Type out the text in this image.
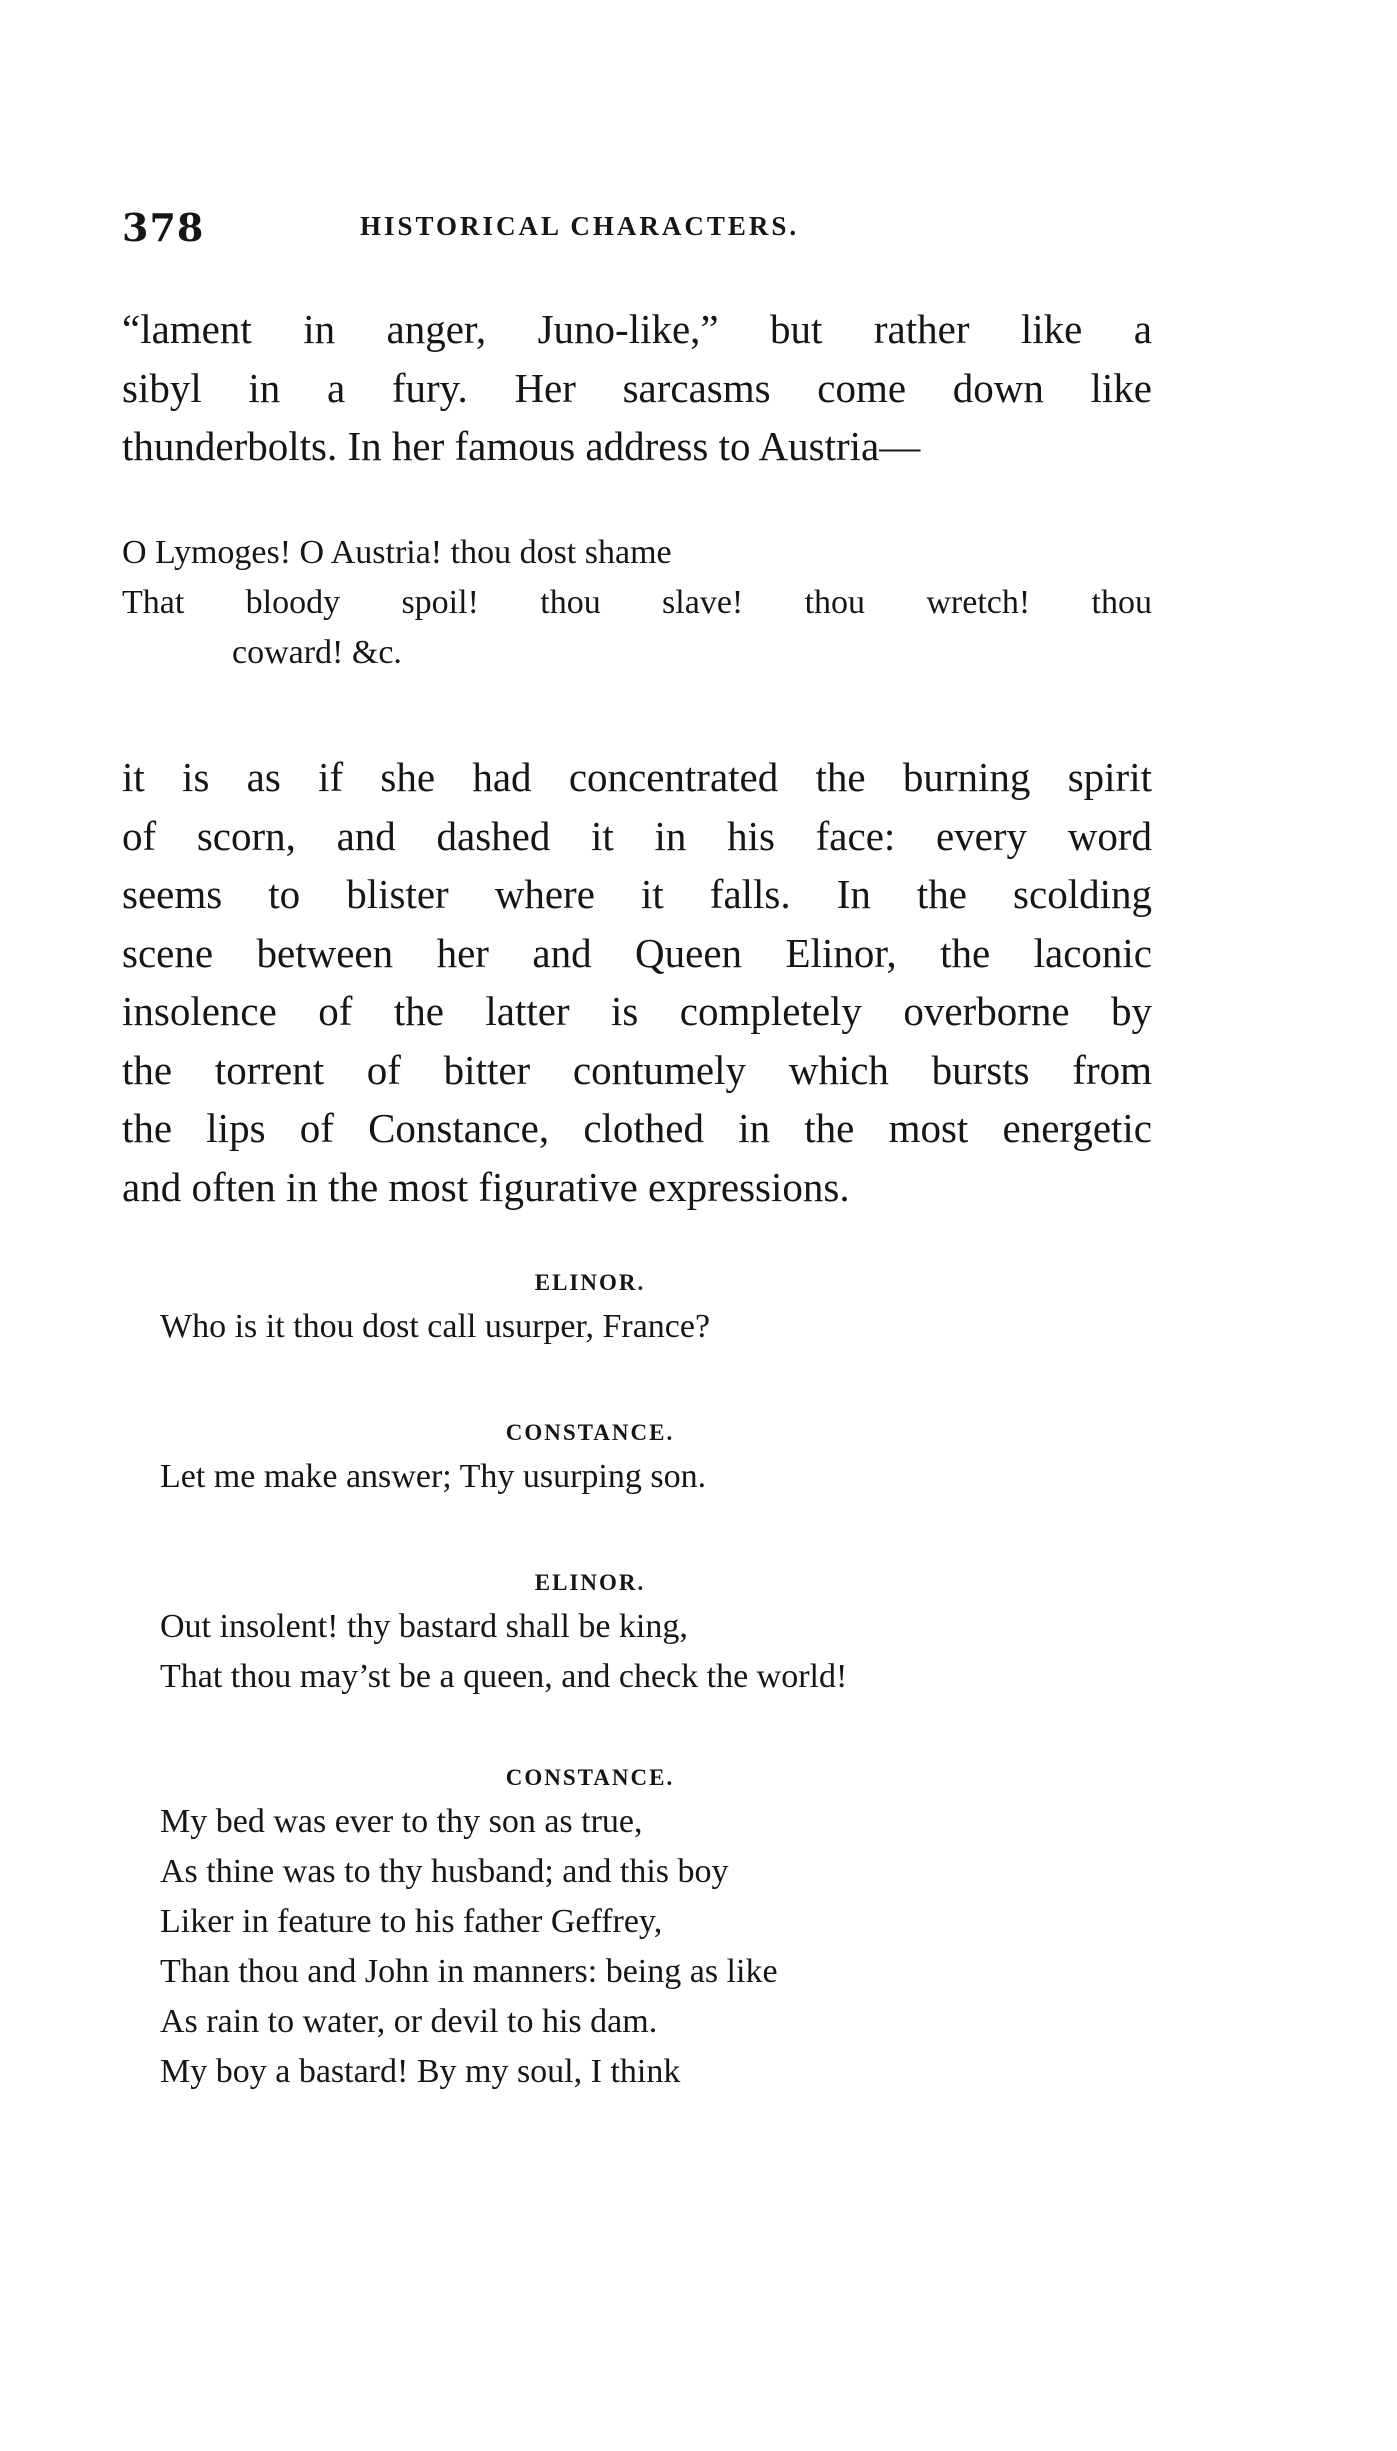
378	HISTORICAL CHARACTERS.
“lament in anger, Juno-like,” but rather like a
sibyl in a fury. Her sarcasms come down like
thunderbolts. In her famous address to Austria—
O Lymoges! O Austria! thou dost shame
That bloody spoil! thou slave! thou wretch! thou
coward! &c.
it is as if she had concentrated the burning spirit
of scorn, and dashed it in his face: every word
seems to blister where it falls. In the scolding
scene between her and Queen Elinor, the laconic
insolence of the latter is completely overborne by
the torrent of bitter contumely which bursts from
the lips of Constance, clothed in the most energetic
and often in the most figurative expressions.
ELINOR.
Who is it thou dost call usurper, France?
CONSTANCE.
Let me make answer; Thy usurping son.
ELINOR.
Out insolent! thy bastard shall be king,
That thou may’st be a queen, and check the world!
CONSTANCE.
My bed was ever to thy son as true,
As thine was to thy husband; and this boy
Liker in feature to his father Geffrey,
Than thou and John in manners: being as like
As rain to water, or devil to his dam.
My boy a bastard! By my soul, I think
